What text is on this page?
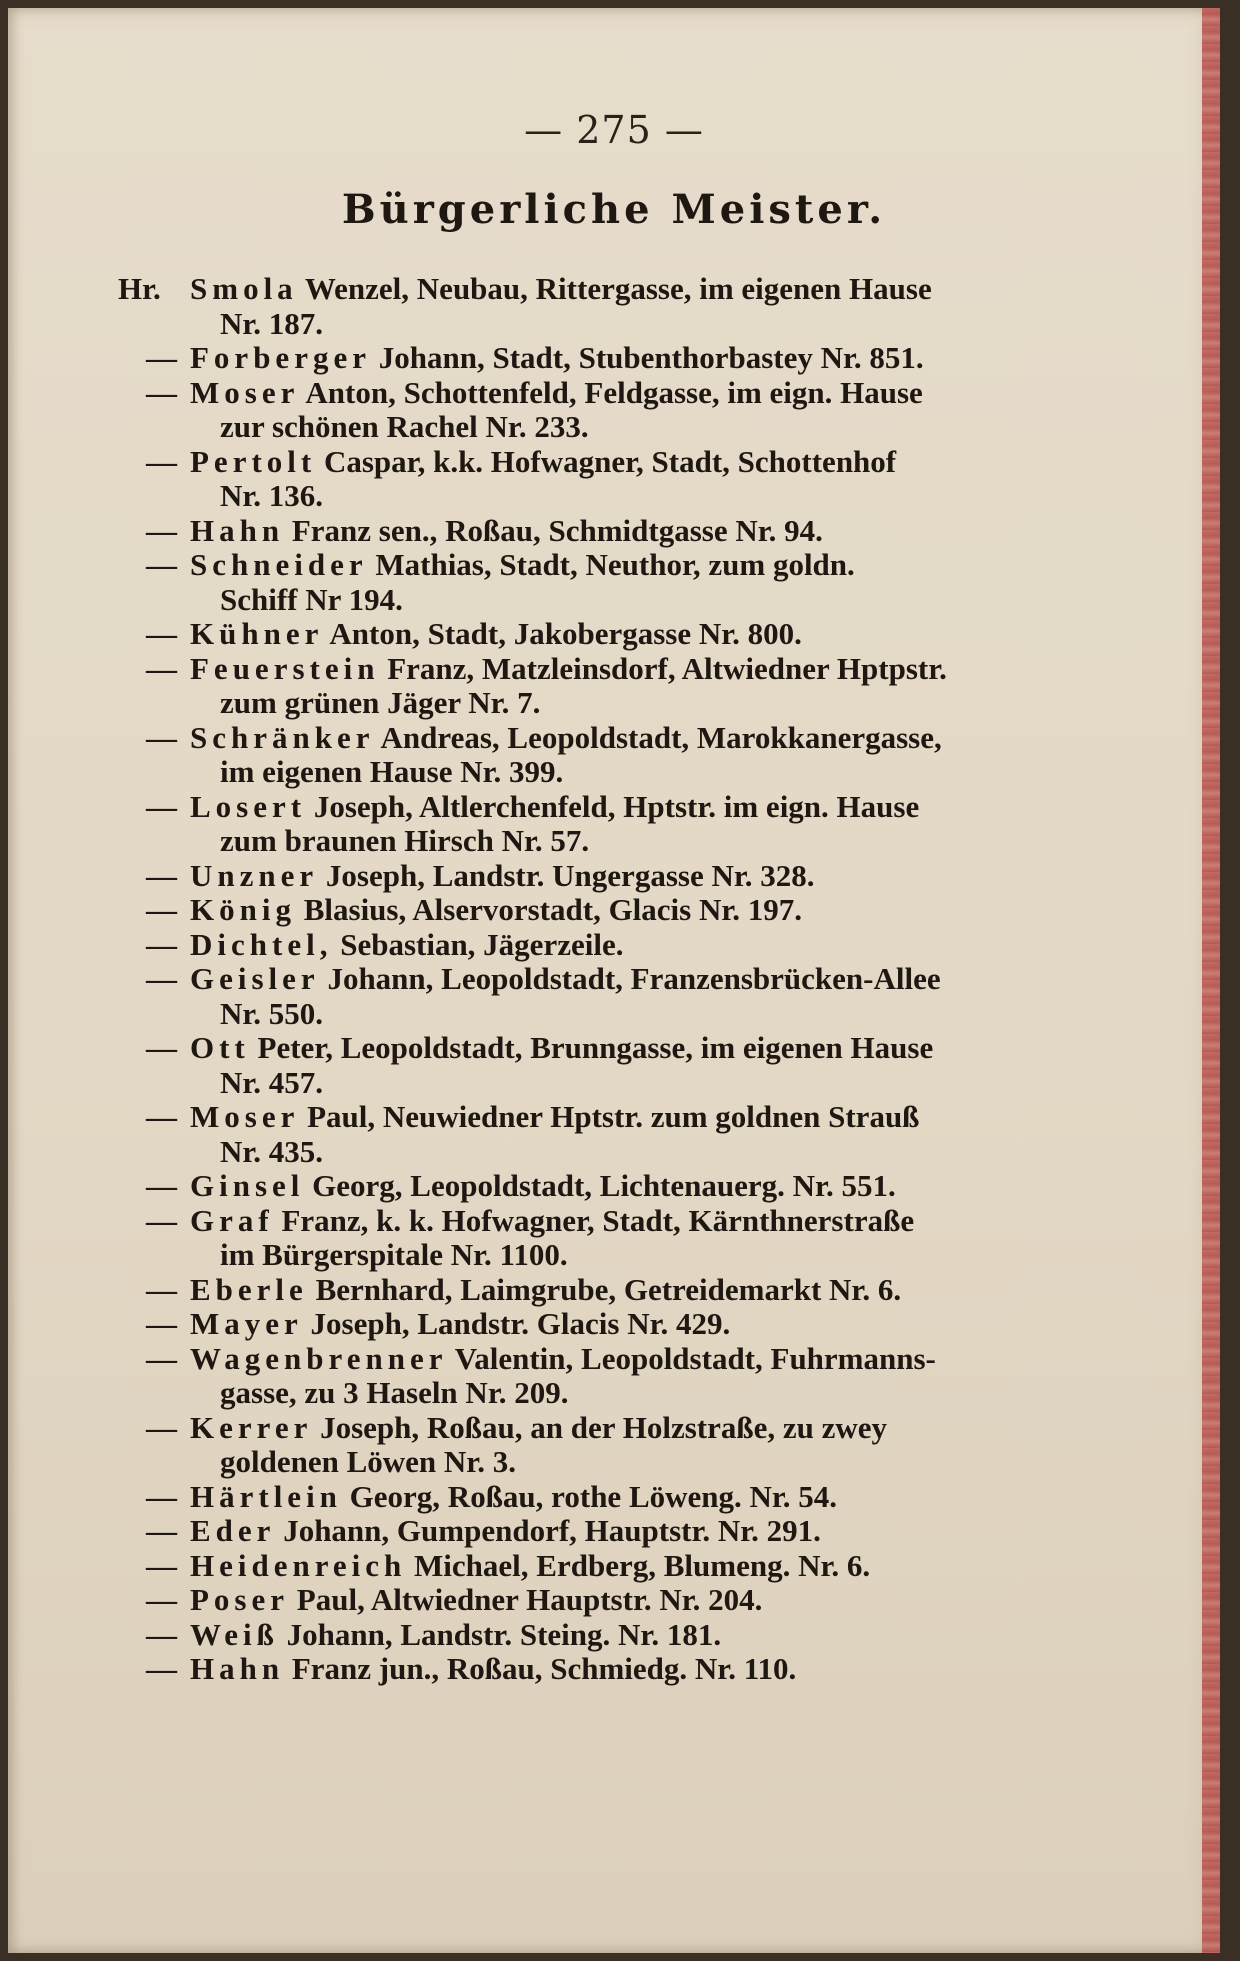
— 275 —
Bürgerliche Meister.
Hr. Smola Wenzel, Neubau, Rittergasse, im eigenen Hause
Nr. 187.
— Forberger Johann, Stadt, Stubenthorbastey Nr. 851.
— Moser Anton, Schottenfeld, Feldgasse, im eign. Hause
zur schönen Rachel Nr. 233.
— Pertolt Caspar, k.k. Hofwagner, Stadt, Schottenhof
Nr. 136.
— Hahn Franz sen., Roßau, Schmidtgasse Nr. 94.
— Schneider Mathias, Stadt, Neuthor, zum goldn.
Schiff Nr 194.
— Kühner Anton, Stadt, Jakobergasse Nr. 800.
— Feuerstein Franz, Matzleinsdorf, Altwiedner Hptpstr.
zum grünen Jäger Nr. 7.
— Schränker Andreas, Leopoldstadt, Marokkanergasse,
im eigenen Hause Nr. 399.
— Losert Joseph, Altlerchenfeld, Hptstr. im eign. Hause
zum braunen Hirsch Nr. 57.
— Unzner Joseph, Landstr. Ungergasse Nr. 328.
— König Blasius, Alservorstadt, Glacis Nr. 197.
— Dichtel, Sebastian, Jägerzeile.
— Geisler Johann, Leopoldstadt, Franzensbrücken-Allee
Nr. 550.
— Ott Peter, Leopoldstadt, Brunngasse, im eigenen Hause
Nr. 457.
— Moser Paul, Neuwiedner Hptstr. zum goldnen Strauß
Nr. 435.
— Ginsel Georg, Leopoldstadt, Lichtenauerg. Nr. 551.
— Graf Franz, k. k. Hofwagner, Stadt, Kärnthnerstraße
im Bürgerspitale Nr. 1100.
— Eberle Bernhard, Laimgrube, Getreidemarkt Nr. 6.
— Mayer Joseph, Landstr. Glacis Nr. 429.
— Wagenbrenner Valentin, Leopoldstadt, Fuhrmanns-
gasse, zu 3 Haseln Nr. 209.
— Kerrer Joseph, Roßau, an der Holzstraße, zu zwey
goldenen Löwen Nr. 3.
— Härtlein Georg, Roßau, rothe Löweng. Nr. 54.
— Eder Johann, Gumpendorf, Hauptstr. Nr. 291.
— Heidenreich Michael, Erdberg, Blumeng. Nr. 6.
— Poser Paul, Altwiedner Hauptstr. Nr. 204.
— Weiß Johann, Landstr. Steing. Nr. 181.
— Hahn Franz jun., Roßau, Schmiedg. Nr. 110.
